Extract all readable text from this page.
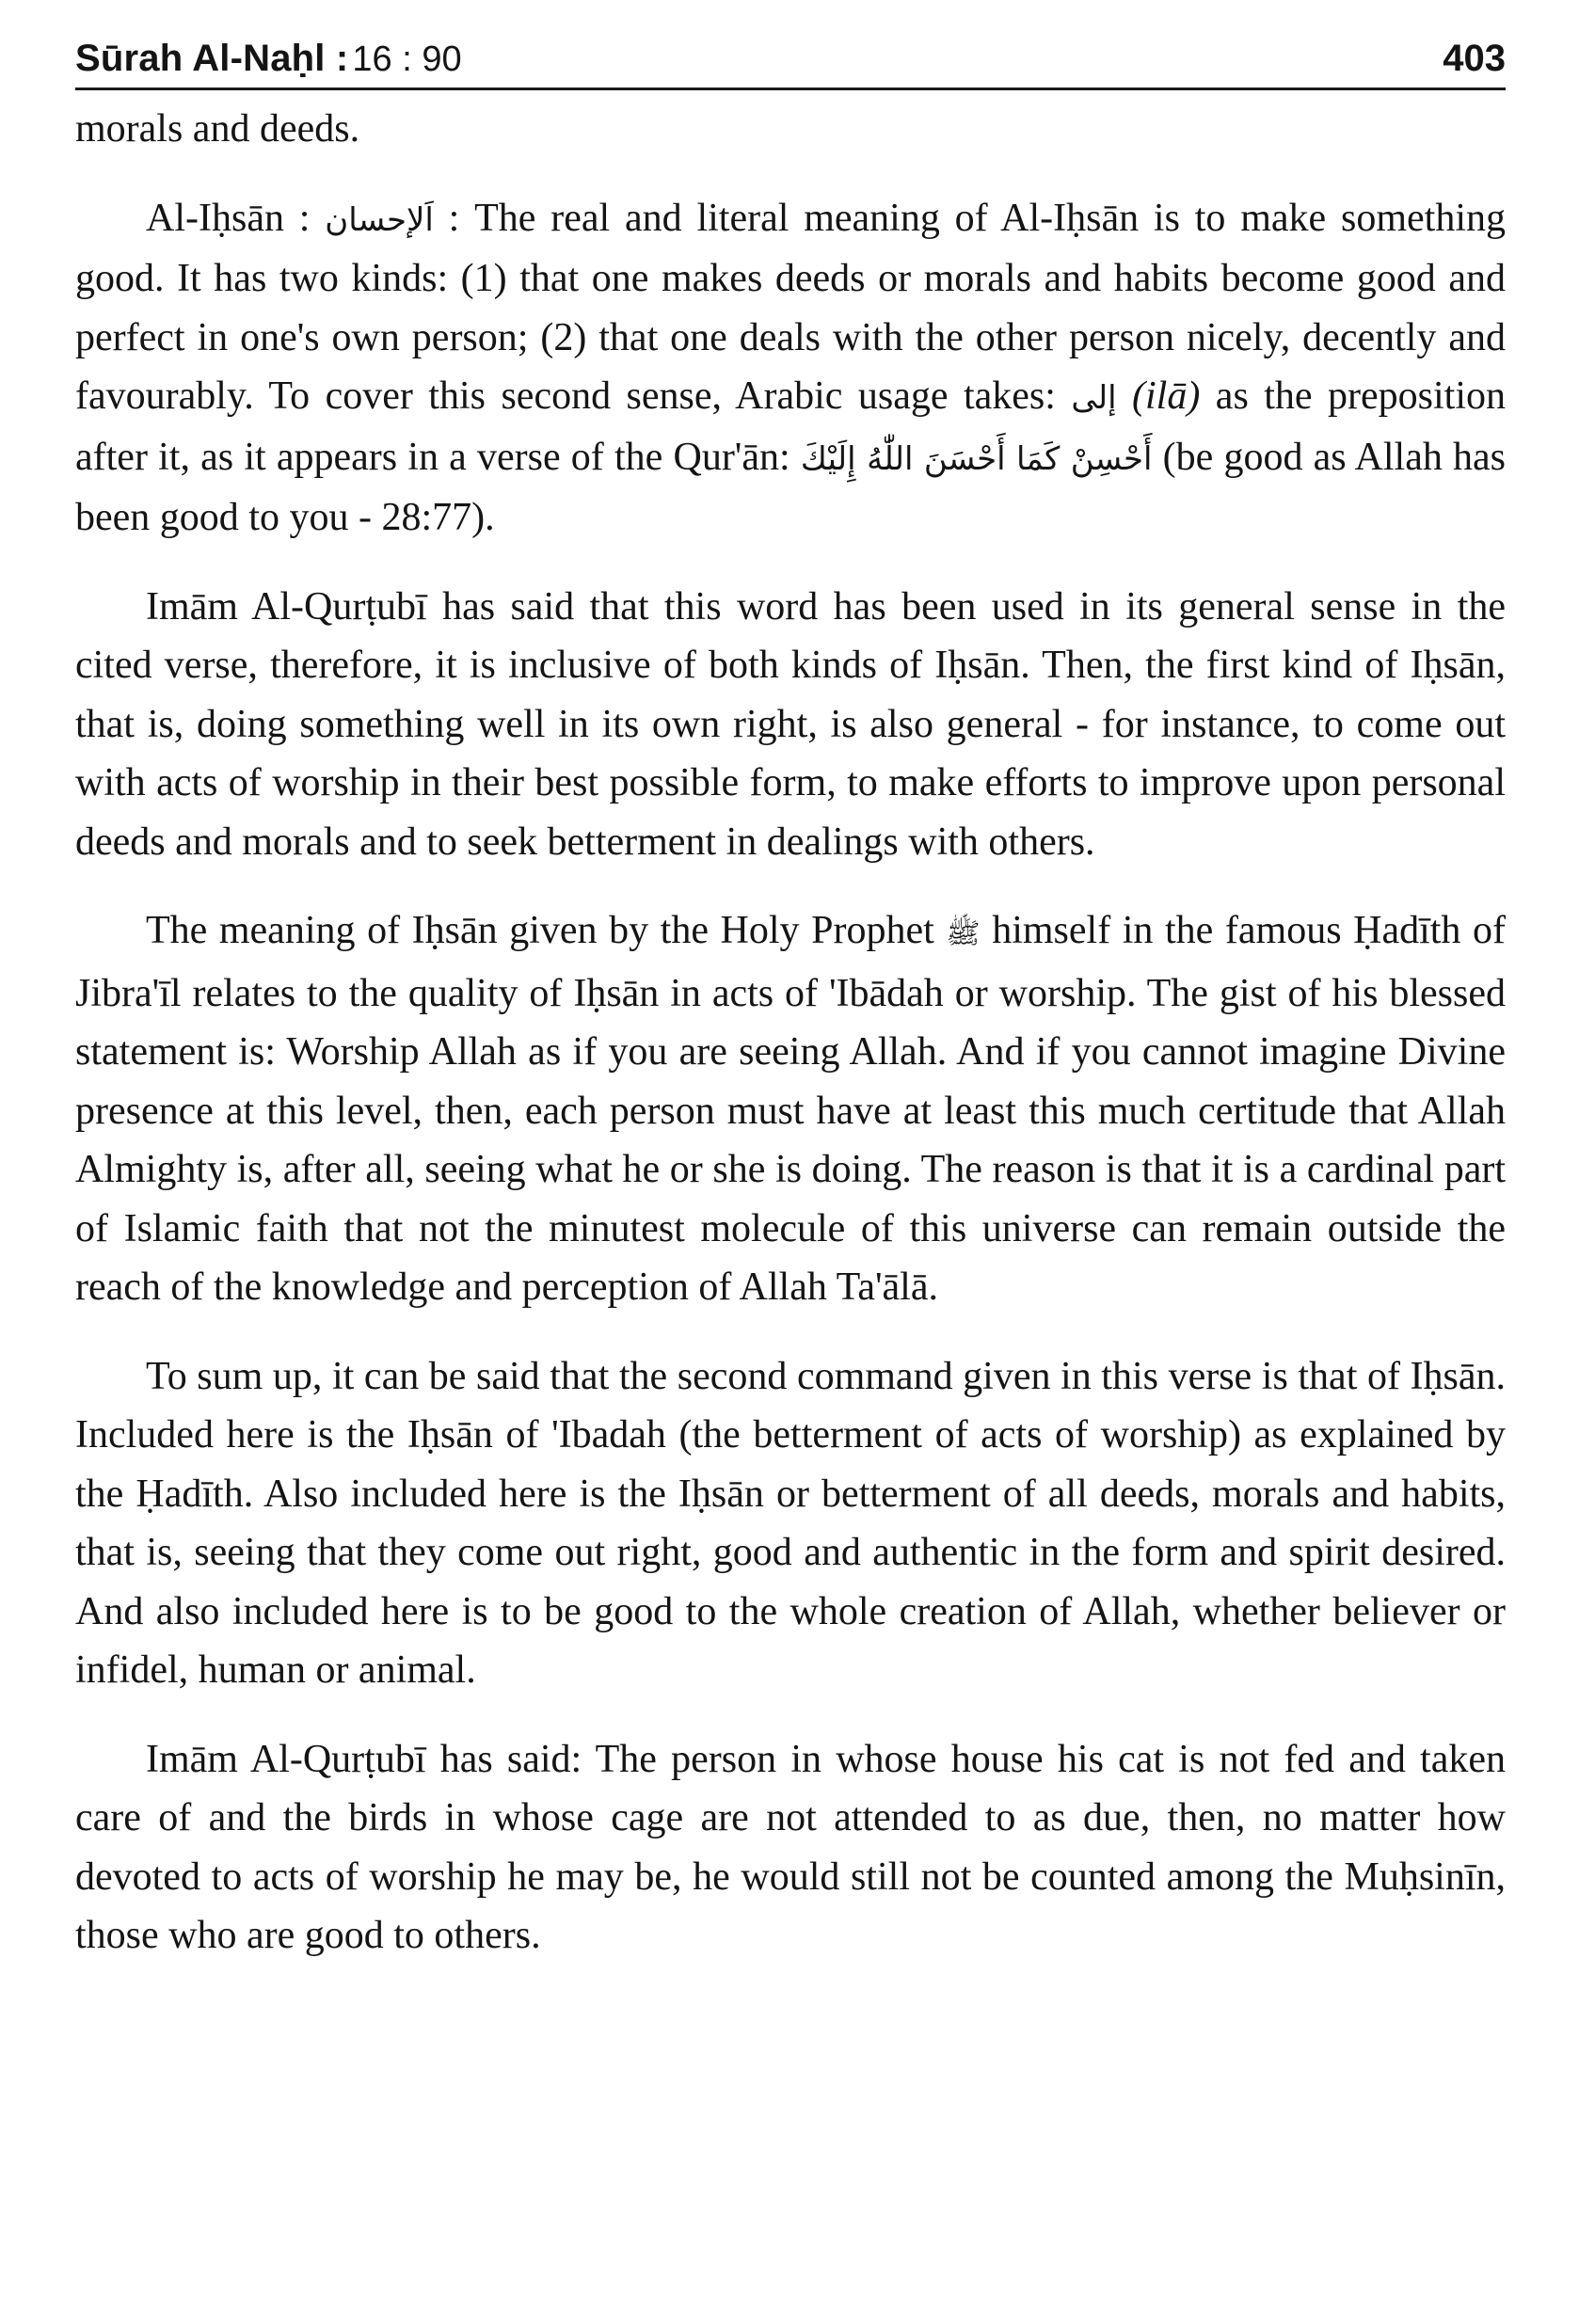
Sūrah Al-Naḥl : 16 : 90	403

morals and deeds.

Al-Iḥsān : اَلإحسان : The real and literal meaning of Al-Iḥsān is to make something good. It has two kinds: (1) that one makes deeds or morals and habits become good and perfect in one's own person; (2) that one deals with the other person nicely, decently and favourably. To cover this second sense, Arabic usage takes: إلى (ilā) as the preposition after it, as it appears in a verse of the Qur'ān: أَحْسِنْ كَمَا أَحْسَنَ اللّٰهُ إِلَيْكَ (be good as Allah has been good to you - 28:77).

Imām Al-Qurṭubī has said that this word has been used in its general sense in the cited verse, therefore, it is inclusive of both kinds of Iḥsān. Then, the first kind of Iḥsān, that is, doing something well in its own right, is also general - for instance, to come out with acts of worship in their best possible form, to make efforts to improve upon personal deeds and morals and to seek betterment in dealings with others.

The meaning of Iḥsān given by the Holy Prophet ﷺ himself in the famous Ḥadīth of Jibra'īl relates to the quality of Iḥsān in acts of 'Ibādah or worship. The gist of his blessed statement is: Worship Allah as if you are seeing Allah. And if you cannot imagine Divine presence at this level, then, each person must have at least this much certitude that Allah Almighty is, after all, seeing what he or she is doing. The reason is that it is a cardinal part of Islamic faith that not the minutest molecule of this universe can remain outside the reach of the knowledge and perception of Allah Ta'ālā.

To sum up, it can be said that the second command given in this verse is that of Iḥsān. Included here is the Iḥsān of 'Ibadah (the betterment of acts of worship) as explained by the Ḥadīth. Also included here is the Iḥsān or betterment of all deeds, morals and habits, that is, seeing that they come out right, good and authentic in the form and spirit desired. And also included here is to be good to the whole creation of Allah, whether believer or infidel, human or animal.

Imām Al-Qurṭubī has said: The person in whose house his cat is not fed and taken care of and the birds in whose cage are not attended to as due, then, no matter how devoted to acts of worship he may be, he would still not be counted among the Muḥsinīn, those who are good to others.
